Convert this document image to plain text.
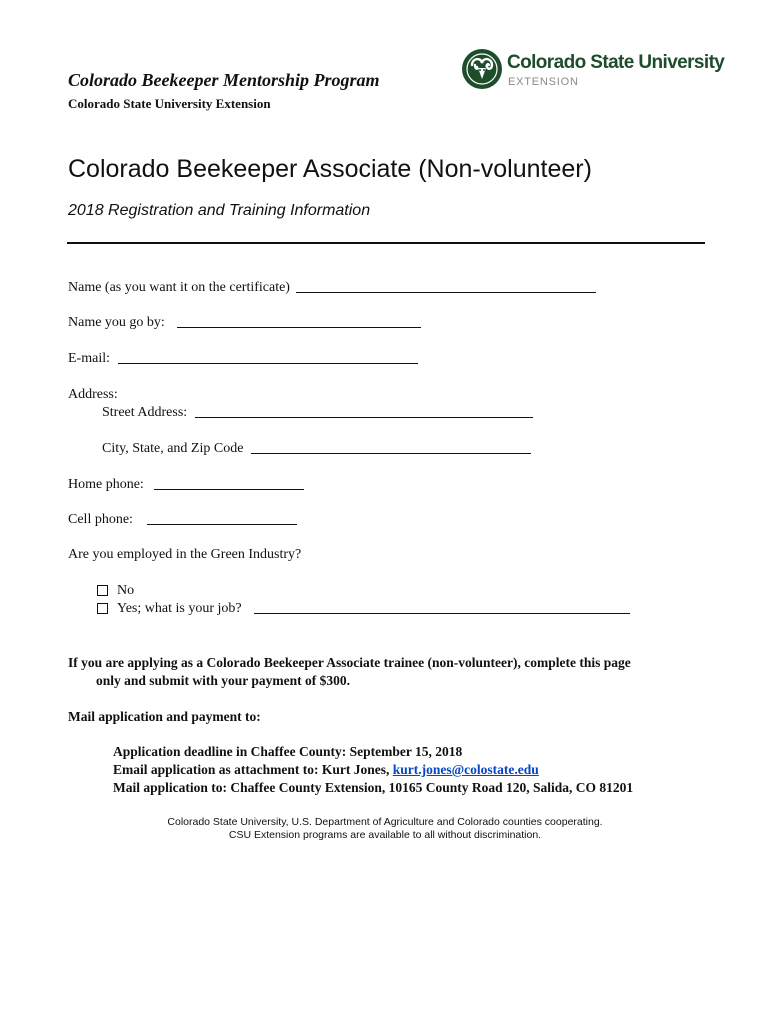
Colorado Beekeeper Mentorship Program
Colorado State University Extension
Colorado State University
EXTENSION
Colorado Beekeeper Associate (Non-volunteer)
2018 Registration and Training Information
Name (as you want it on the certificate)
Name you go by:
E-mail:
Address:
Street Address:
City, State, and Zip Code
Home phone:
Cell phone:
Are you employed in the Green Industry?
No
Yes; what is your job?
If you are applying as a Colorado Beekeeper Associate trainee (non-volunteer), complete this page
only and submit with your payment of $300.
Mail application and payment to:
Application deadline in Chaffee County: September 15, 2018
Email application as attachment to: Kurt Jones, kurt.jones@colostate.edu
Mail application to: Chaffee County Extension, 10165 County Road 120, Salida, CO 81201
Colorado State University, U.S. Department of Agriculture and Colorado counties cooperating.
CSU Extension programs are available to all without discrimination.
